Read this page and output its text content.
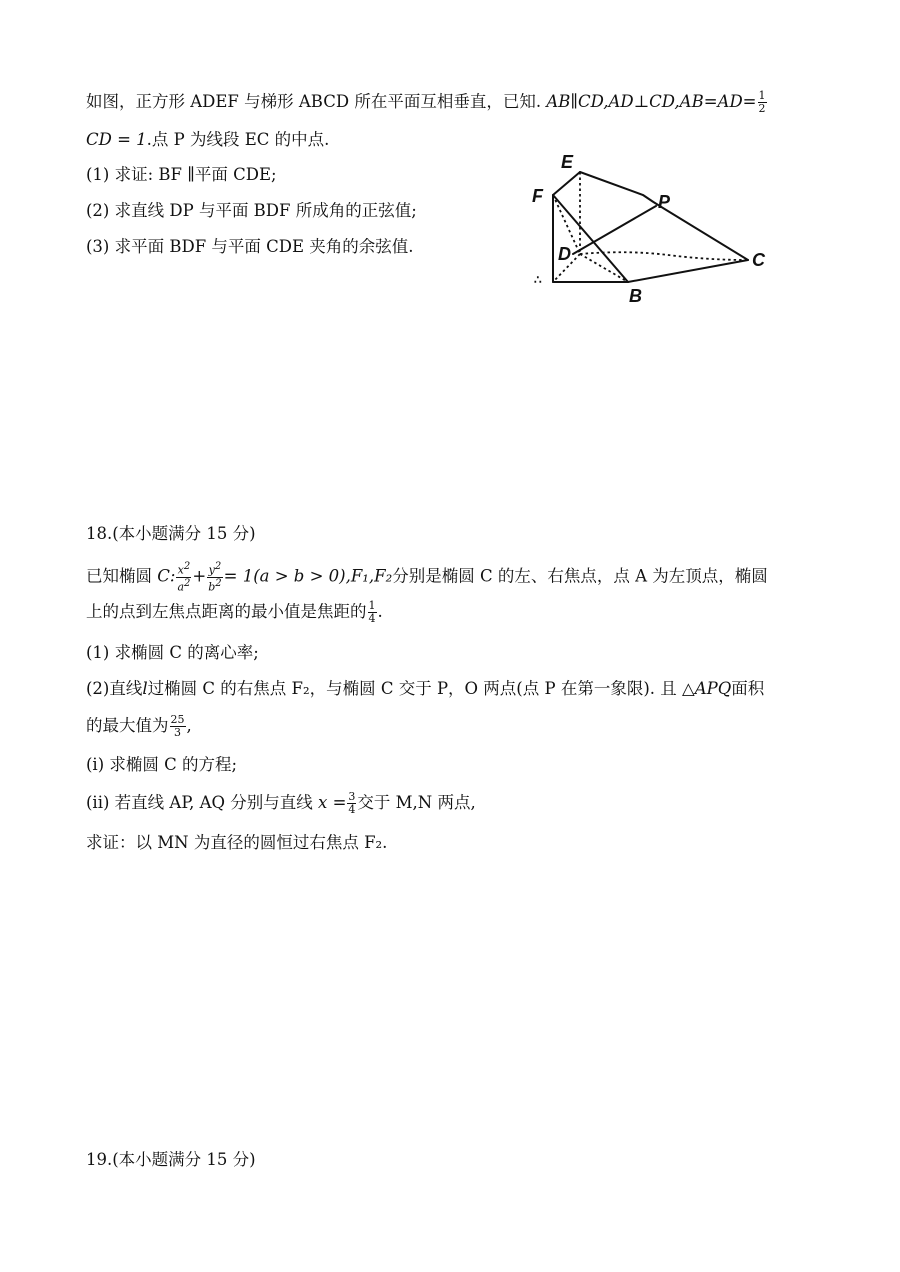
如图，正方形 ADEF 与梯形 ABCD 所在平面互相垂直，已知. AB∥CD,AD⊥CD,AB=AD= $\frac{1}{2}$
CD = 1.点 P 为线段 EC 的中点.
(1) 求证: BF ∥平面 CDE;
(2) 求直线 DP 与平面 BDF 所成角的正弦值;
(3) 求平面 BDF 与平面 CDE 夹角的余弦值.
E
F	P
D	C
B
∴
18.(本小题满分 15 分)
已知椭圆 C: $\frac{x^2}{a^2} + \frac{y^2}{b^2} = 1(a > b > 0),F_1,F_2$分别是椭圆 C 的左、右焦点，点 A 为左顶点，椭圆
上的点到左焦点距离的最小值是焦距的 $\frac{1}{4}$ .
(1) 求椭圆 C 的离心率;
(2)直线l过椭圆 C 的右焦点 F₂，与椭圆 C 交于 P，O 两点(点 P 在第一象限). 且 △APQ面积
的最大值为 $\frac{25}{3}$ ,
(i) 求椭圆 C 的方程;
(ii) 若直线 AP, AQ 分别与直线 $x = \frac{3}{4}$ 交于 M,N 两点,
求证：以 MN 为直径的圆恒过右焦点 F₂.
19.(本小题满分 15 分)
